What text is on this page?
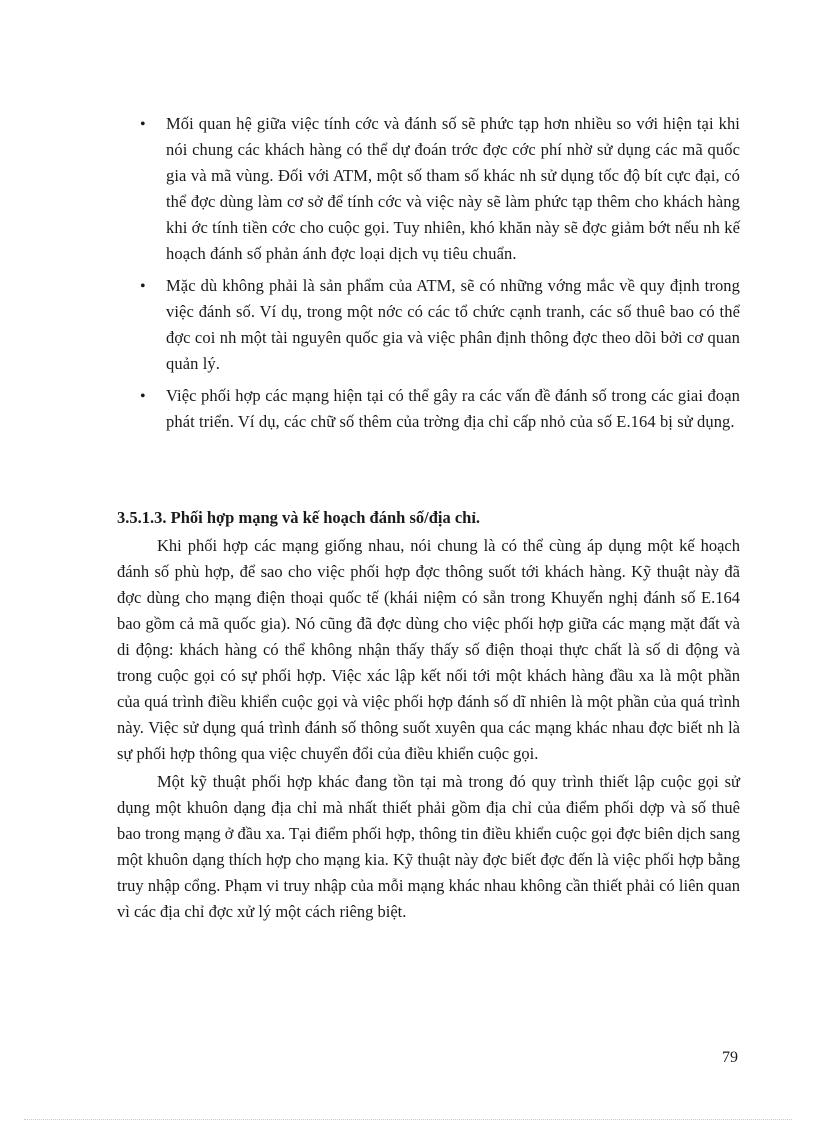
• Mối quan hệ giữa việc tính cớc và đánh số sẽ phức tạp hơn nhiều so với hiện tại khi nói chung các khách hàng có thể dự đoán trớc đợc cớc phí nhờ sử dụng các mã quốc gia và mã vùng. Đối với ATM, một số tham số khác nh sử dụng tốc độ bít cực đại, có thể đợc dùng làm cơ sở để tính cớc và việc này sẽ làm phức tạp thêm cho khách hàng khi ớc tính tiền cớc cho cuộc gọi. Tuy nhiên, khó khăn này sẽ đợc giảm bớt nếu nh kế hoạch đánh số phản ánh đợc loại dịch vụ tiêu chuẩn.
• Mặc dù không phải là sản phẩm của ATM, sẽ có những vớng mắc về quy định trong việc đánh số. Ví dụ, trong một nớc có các tổ chức cạnh tranh, các số thuê bao có thể đợc coi nh một tài nguyên quốc gia và việc phân định thông đợc theo dõi bởi cơ quan quản lý.
• Việc phối hợp các mạng hiện tại có thể gây ra các vấn đề đánh số trong các giai đoạn phát triển. Ví dụ, các chữ số thêm của trờng địa chỉ cấp nhỏ của số E.164 bị sử dụng.
3.5.1.3. Phối hợp mạng và kế hoạch đánh số/địa chỉ.

Khi phối hợp các mạng giống nhau, nói chung là có thể cùng áp dụng một kế hoạch đánh số phù hợp, để sao cho việc phối hợp đợc thông suốt tới khách hàng. Kỹ thuật này đã đợc dùng cho mạng điện thoại quốc tế (khái niệm có sẵn trong Khuyến nghị đánh số E.164 bao gồm cả mã quốc gia). Nó cũng đã đợc dùng cho việc phối hợp giữa các mạng mặt đất và di động: khách hàng có thể không nhận thấy thấy số điện thoại thực chất là số di động và trong cuộc gọi có sự phối hợp. Việc xác lập kết nối tới một khách hàng đầu xa là một phần của quá trình điều khiển cuộc gọi và việc phối hợp đánh số dĩ nhiên là một phần của quá trình này. Việc sử dụng quá trình đánh số thông suốt xuyên qua các mạng khác nhau đợc biết nh là sự phối hợp thông qua việc chuyển đổi của điều khiển cuộc gọi.

Một kỹ thuật phối hợp khác đang tồn tại mà trong đó quy trình thiết lập cuộc gọi sử dụng một khuôn dạng địa chỉ mà nhất thiết phải gồm địa chỉ của điểm phối dợp và số thuê bao trong mạng ở đầu xa. Tại điểm phối hợp, thông tin điều khiển cuộc gọi đợc biên dịch sang một khuôn dạng thích hợp cho mạng kia. Kỹ thuật này đợc biết đợc đến là việc phối hợp bằng truy nhập cổng. Phạm vi truy nhập của mỗi mạng khác nhau không cần thiết phải có liên quan vì các địa chỉ đợc xử lý một cách riêng biệt.

79
